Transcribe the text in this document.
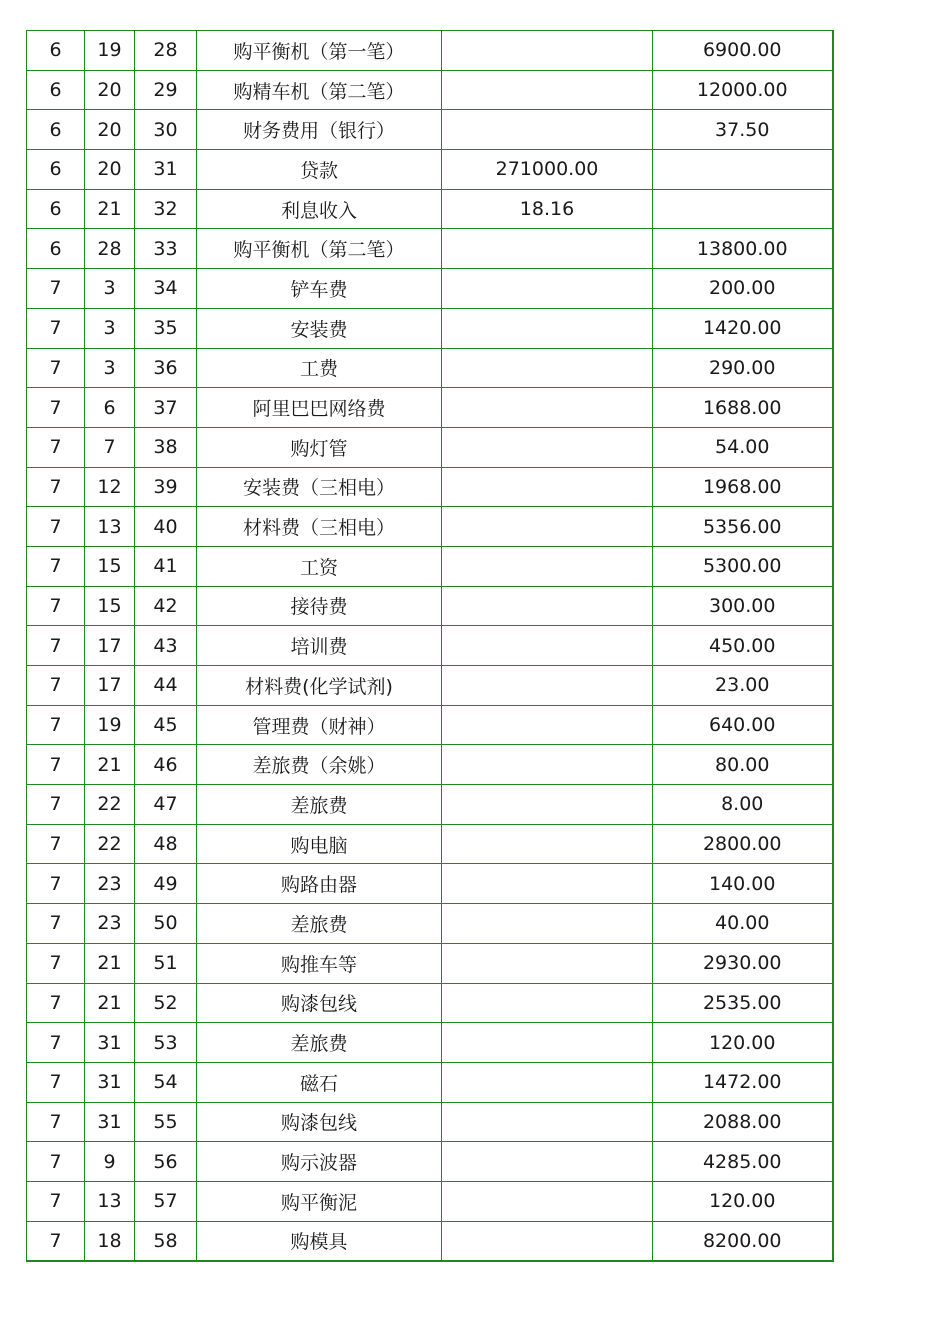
6	19	28	购平衡机（第一笔）		6900.00
6	20	29	购精车机（第二笔）		12000.00
6	20	30	财务费用（银行）		37.50
6	20	31	贷款	271000.00	
6	21	32	利息收入	18.16	
6	28	33	购平衡机（第二笔）		13800.00
7	3	34	铲车费		200.00
7	3	35	安装费		1420.00
7	3	36	工费		290.00
7	6	37	阿里巴巴网络费		1688.00
7	7	38	购灯管		54.00
7	12	39	安装费（三相电）		1968.00
7	13	40	材料费（三相电）		5356.00
7	15	41	工资		5300.00
7	15	42	接待费		300.00
7	17	43	培训费		450.00
7	17	44	材料费(化学试剂)		23.00
7	19	45	管理费（财神）		640.00
7	21	46	差旅费（余姚）		80.00
7	22	47	差旅费		8.00
7	22	48	购电脑		2800.00
7	23	49	购路由器		140.00
7	23	50	差旅费		40.00
7	21	51	购推车等		2930.00
7	21	52	购漆包线		2535.00
7	31	53	差旅费		120.00
7	31	54	磁石		1472.00
7	31	55	购漆包线		2088.00
7	9	56	购示波器		4285.00
7	13	57	购平衡泥		120.00
7	18	58	购模具		8200.00
